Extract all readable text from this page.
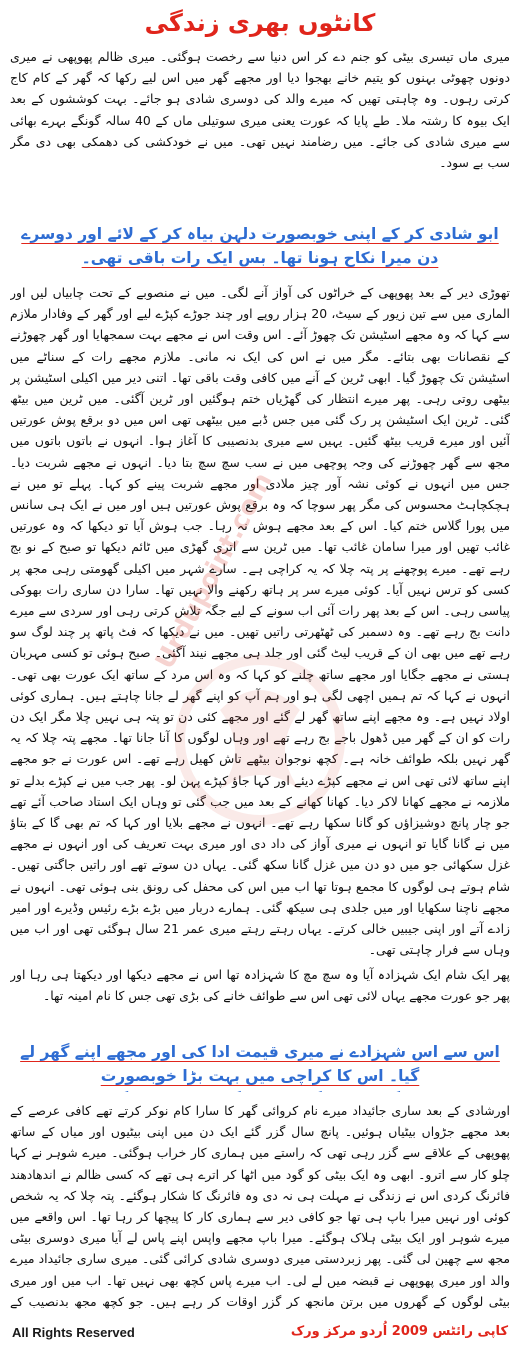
کانٹوں بھری زندگی
میری ماں تیسری بیٹی کو جنم دے کر اس دنیا سے رخصت ہوگئی۔ میری ظالم پھوپھی نے میری دونوں چھوٹی بہنوں کو یتیم خانے بھجوا دیا اور مجھے گھر میں اس لیے رکھا کہ گھر کے کام کاج کرتی رہوں۔ وہ چاہتی تھیں کہ میرے والد کی دوسری شادی ہو جائے۔ بہت کوششوں کے بعد ایک بیوہ کا رشتہ ملا۔ طے پایا کہ عورت یعنی میری سوتیلی ماں کے 40 سالہ گونگے بہرے بھائی سے میری شادی کی جائے۔ میں رضامند نہیں تھی۔ میں نے خودکشی کی دھمکی بھی دی مگر سب بے سود۔
ابو شادی کر کے اپنی خوبصورت دلہن بیاہ کر کے لائے اور دوسرے دن میرا نکاح ہونا تھا۔ بس ایک رات باقی تھی۔
تھوڑی دیر کے بعد پھوپھی کے خراٹوں کی آواز آنے لگی۔ میں نے منصوبے کے تحت چابیاں لیں اور الماری میں سے تین زیور کے سیٹ، 20 ہزار روپے اور چند جوڑے کپڑے لیے اور گھر کے وفادار ملازم سے کہا کہ وہ مجھے اسٹیشن تک چھوڑ آئے۔ اس وقت اس نے مجھے بہت سمجھایا اور گھر چھوڑنے کے نقصانات بھی بتائے۔ مگر میں نے اس کی ایک نہ مانی۔ ملازم مجھے رات کے سناٹے میں اسٹیشن تک چھوڑ گیا۔ ابھی ٹرین کے آنے میں کافی وقت باقی تھا۔ اتنی دیر میں اکیلی اسٹیشن پر بیٹھی روتی رہی۔ پھر میرے انتظار کی گھڑیاں ختم ہوگئیں اور ٹرین آگئی۔ میں ٹرین میں بیٹھ گئی۔ ٹرین ایک اسٹیشن پر رک گئی میں جس ڈبے میں بیٹھی تھی اس میں دو برقع پوش عورتیں آئیں اور میرے قریب بیٹھ گئیں۔ یہیں سے میری بدنصیبی کا آغاز ہوا۔ انہوں نے باتوں باتوں میں مجھ سے گھر چھوڑنے کی وجہ پوچھی میں نے سب سچ سچ بتا دیا۔ انہوں نے مجھے شربت دیا۔ جس میں انہوں نے کوئی نشہ آور چیز ملادی اور مجھے شربت پینے کو کہا۔ پہلے تو میں نے ہچکچاہٹ محسوس کی مگر پھر سوچا کہ وہ برقع پوش عورتیں ہیں اور میں نے ایک ہی سانس میں پورا گلاس ختم کیا۔ اس کے بعد مجھے ہوش نہ رہا۔ جب ہوش آیا تو دیکھا کہ وہ عورتیں غائب تھیں اور میرا سامان غائب تھا۔ میں ٹرین سے اتری گھڑی میں ٹائم دیکھا تو صبح کے نو بج رہے تھے۔ میرے پوچھنے پر پتہ چلا کہ یہ کراچی ہے۔ سارے شہر میں اکیلی گھومتی رہی مجھ پر کسی کو ترس نہیں آیا۔ کوئی میرے سر پر ہاتھ رکھنے والا نہیں تھا۔ سارا دن ساری رات بھوکی پیاسی رہی۔ اس کے بعد پھر رات آئی اب سونے کے لیے جگہ تلاش کرتی رہی اور سردی سے میرے دانت بج رہے تھے۔ وہ دسمبر کی ٹھٹھرتی راتیں تھیں۔ میں نے دیکھا کہ فٹ پاتھ پر چند لوگ سو رہے تھے میں بھی ان کے قریب لیٹ گئی اور جلد ہی مجھے نیند آگئی۔ صبح ہوئی تو کسی مہربان ہستی نے مجھے جگایا اور مجھے ساتھ چلنے کو کہا کہ وہ اس مرد کے ساتھ ایک عورت بھی تھی۔ انہوں نے کہا کہ تم ہمیں اچھی لگی ہو اور ہم آپ کو اپنے گھر لے جانا چاہتے ہیں۔ ہماری کوئی اولاد نہیں ہے۔ وہ مجھے اپنے ساتھ گھر لے گئے اور مجھے کئی دن تو پتہ ہی نہیں چلا مگر ایک دن رات کو ان کے گھر میں ڈھول باجے بج رہے تھے اور وہاں لوگوں کا آنا جانا تھا۔ مجھے پتہ چلا کہ یہ گھر نہیں بلکہ طوائف خانہ ہے۔ کچھ نوجوان بیٹھے تاش کھیل رہے تھے۔ اس عورت نے جو مجھے اپنے ساتھ لائی تھی اس نے مجھے کپڑے دیئے اور کہا جاؤ کپڑے پہن لو۔ پھر جب میں نے کپڑے بدلے تو ملازمہ نے مجھے کھانا لاکر دیا۔ کھانا کھانے کے بعد میں جب گئی تو وہاں ایک استاد صاحب آئے تھے جو چار پانچ دوشیزاؤں کو گانا سکھا رہے تھے۔ انہوں نے مجھے بلایا اور کہا کہ تم بھی گا کے بتاؤ میں نے گانا گایا تو انہوں نے میری آواز کی داد دی اور میری بہت تعریف کی اور انہوں نے مجھے غزل سکھائی جو میں دو دن میں غزل گانا سکھ گئی۔ یہاں دن سوتے تھے اور راتیں جاگتی تھیں۔ شام ہوتے ہی لوگوں کا مجمع ہوتا تھا اب میں اس کی محفل کی رونق بنی ہوئی تھی۔ انہوں نے مجھے ناچنا سکھایا اور میں جلدی ہی سیکھ گئی۔ ہمارے دربار میں بڑے بڑے رئیس وڈیرے اور امیر زادے آتے اور اپنی جیبیں خالی کرتے۔ یہاں رہتے رہتے میری عمر 21 سال ہوگئی تھی اور اب میں وہاں سے فرار چاہتی تھی۔
پھر ایک شام ایک شہزادہ آیا وہ سچ مچ کا شہزادہ تھا اس نے مجھے دیکھا اور دیکھتا ہی رہا اور پھر جو عورت مجھے یہاں لائی تھی اس سے طوائف خانے کی بڑی تھی جس کا نام امینہ تھا۔
اس سے اس شہزادے نے میری قیمت ادا کی اور مجھے اپنے گھر لے گیا۔ اس کا کراچی میں بہت بڑا خوبصورت
اورشادی کے بعد ساری جائیداد میرے نام کروائی گھر کا سارا کام نوکر کرتے تھے کافی عرصے کے بعد مجھے جڑواں بیٹیاں ہوئیں۔ پانچ سال گزر گئے ایک دن میں اپنی بیٹیوں اور میاں کے ساتھ پھوپھی کے علاقے سے گزر رہی تھی کہ راستے میں ہماری کار خراب ہوگئی۔ میرے شوہر نے کہا چلو کار سے اترو۔ ابھی وہ ایک بیٹی کو گود میں اٹھا کر اترے ہی تھے کہ کسی ظالم نے اندھادھند فائرنگ کردی اس نے زندگی نے مہلت ہی نہ دی وہ فائرنگ کا شکار ہوگئے۔ پتہ چلا کہ یہ شخص کوئی اور نہیں میرا باپ ہی تھا جو کافی دیر سے ہماری کار کا پیچھا کر رہا تھا۔ اس واقعے میں میرے شوہر اور ایک بیٹی ہلاک ہوگئے۔ میرا باپ مجھے واپس اپنے پاس لے آیا میری دوسری بیٹی مجھ سے چھین لی گئی۔ پھر زبردستی میری دوسری شادی کرائی گئی۔ میری ساری جائیداد میرے والد اور میری پھوپھی نے قبضہ میں لے لی۔ اب میرے پاس کچھ بھی نہیں تھا۔ اب میں اور میری بیٹی لوگوں کے گھروں میں برتن مانجھ کر گزر اوقات کر رہے ہیں۔ جو کچھ مجھ بدنصیب کے
Urdupoint.com
All Rights Reserved	کاپی رائٹس 2009 اُردو مرکز ورک
